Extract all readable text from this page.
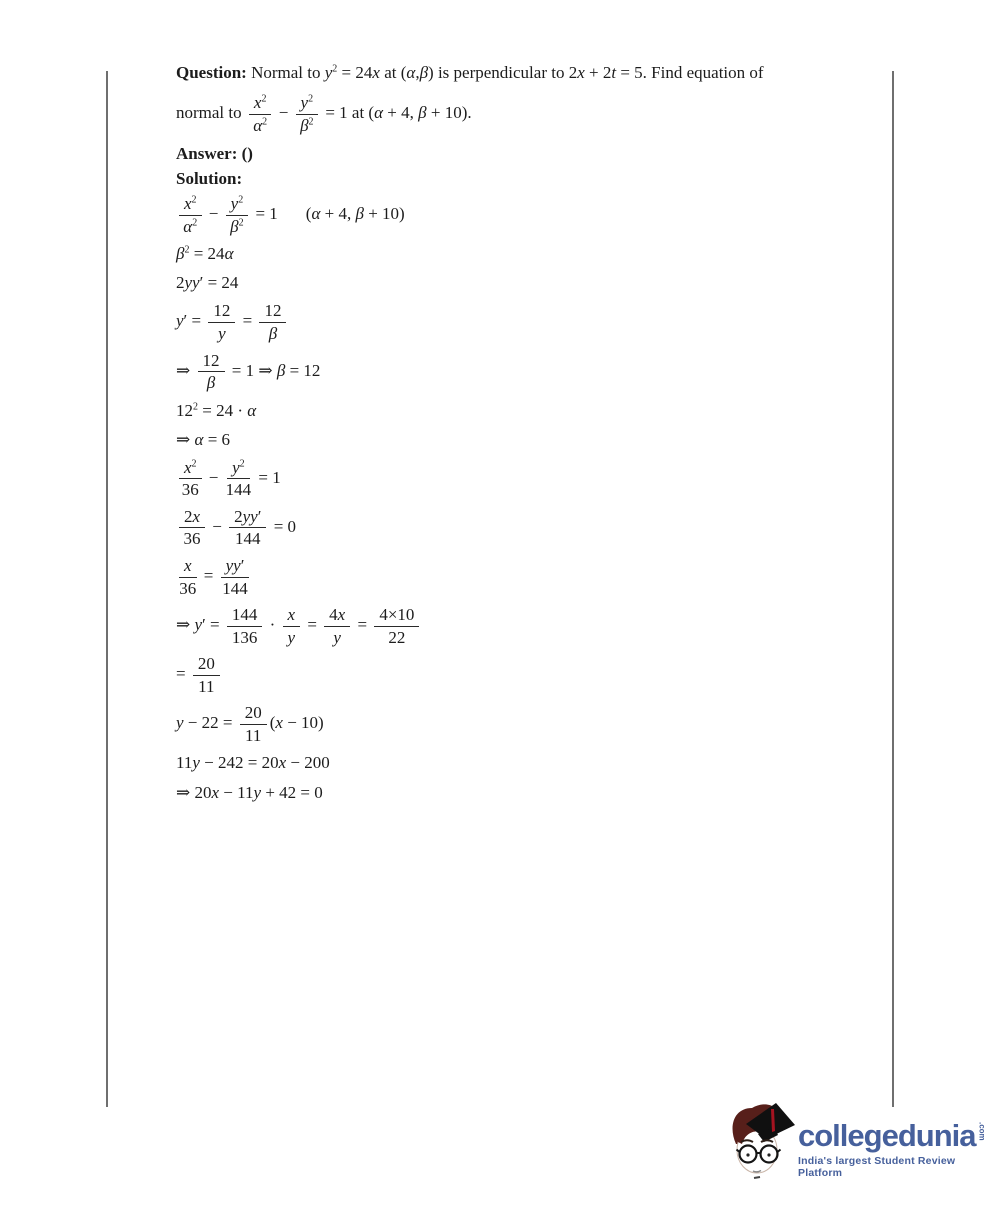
Question: Normal to $y^2 = 24x$ at (α,β) is perpendicular to 2x + 2t = 5. Find equation of
normal to $\frac{x^2}{\alpha^2} - \frac{y^2}{\beta^2} = 1$ at (α + 4, β + 10).
Answer: ()
Solution:
$\frac{x^2}{\alpha^2} - \frac{y^2}{\beta^2} = 1$ (α + 4, β + 10)
$\beta^2 = 24\alpha$
2yy′ = 24
$y' = \frac{12}{y} = \frac{12}{\beta}$
⇒ $\frac{12}{\beta} = 1$ ⇒ β = 12
$12^2 = 24 \cdot \alpha$
⇒ α = 6
$\frac{x^2}{36} - \frac{y^2}{144} = 1$
$\frac{2x}{36} - \frac{2yy'}{144} = 0$
$\frac{x}{36} = \frac{yy'}{144}$
⇒ $y' = \frac{144}{136} \cdot \frac{x}{y} = \frac{4x}{y} = \frac{4\times 10}{22}$
= $\frac{20}{11}$
$y - 22 = \frac{20}{11} (x - 10)$
11y − 242 = 20x − 200
⇒ 20x − 11y + 42 = 0
collegedunia .com
India's largest Student Review Platform
